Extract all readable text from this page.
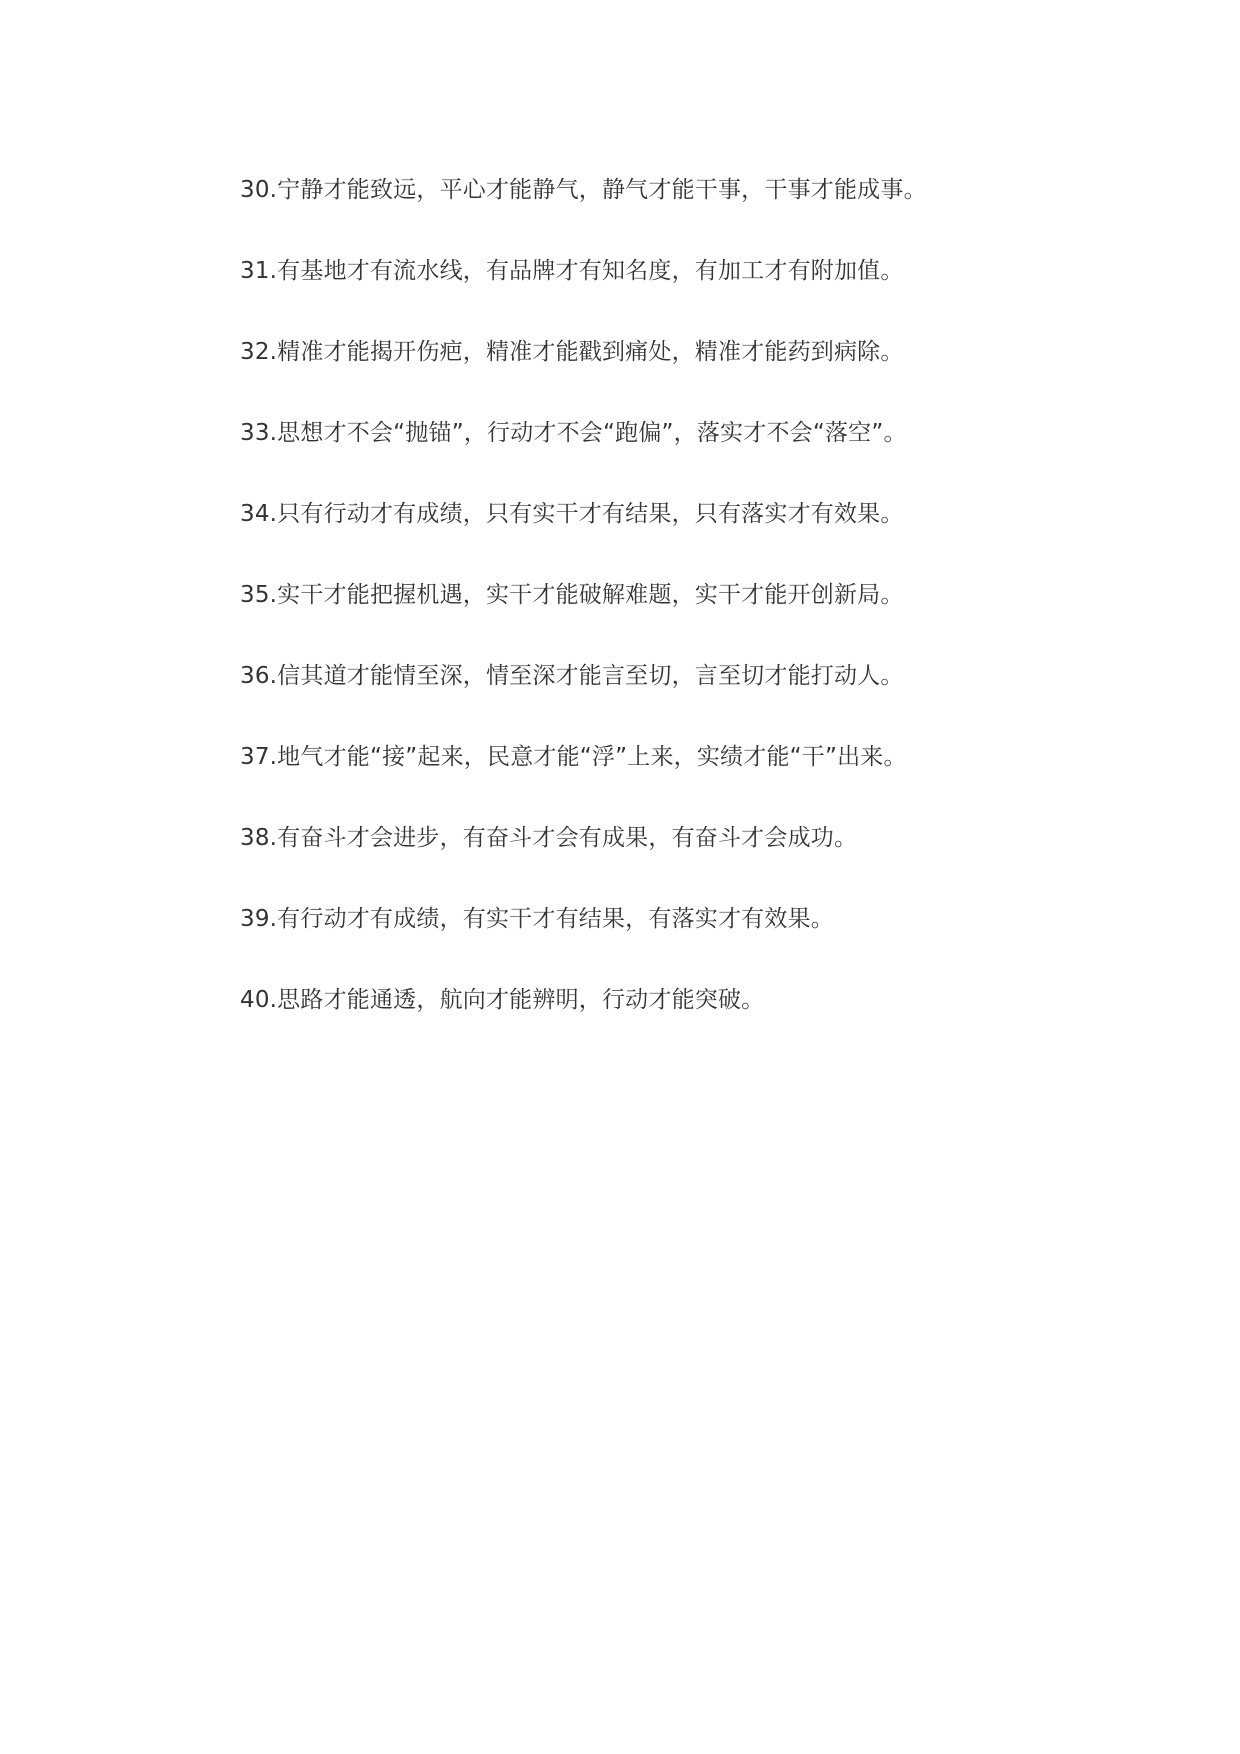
30.宁静才能致远，平心才能静气，静气才能干事，干事才能成事。

31.有基地才有流水线，有品牌才有知名度，有加工才有附加值。

32.精准才能揭开伤疤，精准才能戳到痛处，精准才能药到病除。

33.思想才不会“抛锚”，行动才不会“跑偏”，落实才不会“落空”。

34.只有行动才有成绩，只有实干才有结果，只有落实才有效果。

35.实干才能把握机遇，实干才能破解难题，实干才能开创新局。

36.信其道才能情至深，情至深才能言至切，言至切才能打动人。

37.地气才能“接”起来，民意才能“浮”上来，实绩才能“干”出来。

38.有奋斗才会进步，有奋斗才会有成果，有奋斗才会成功。

39.有行动才有成绩，有实干才有结果，有落实才有效果。

40.思路才能通透，航向才能辨明，行动才能突破。
